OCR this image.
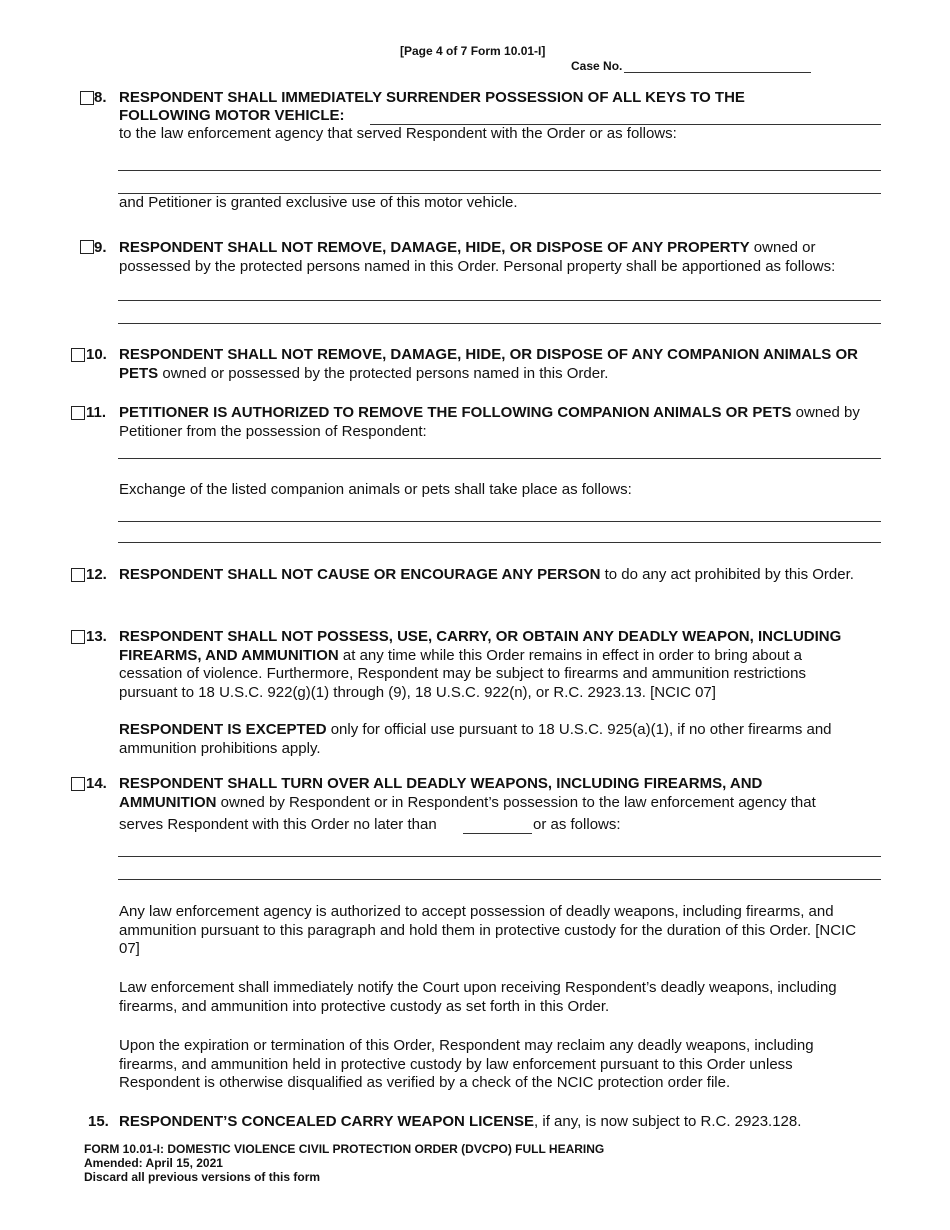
[Page 4 of 7 Form 10.01-I]
Case No.
8. RESPONDENT SHALL IMMEDIATELY SURRENDER POSSESSION OF ALL KEYS TO THE
FOLLOWING MOTOR VEHICLE:
to the law enforcement agency that served Respondent with the Order or as follows:
and Petitioner is granted exclusive use of this motor vehicle.
9. RESPONDENT SHALL NOT REMOVE, DAMAGE, HIDE, OR DISPOSE OF ANY PROPERTY owned or possessed by the protected persons named in this Order. Personal property shall be apportioned as follows:
10. RESPONDENT SHALL NOT REMOVE, DAMAGE, HIDE, OR DISPOSE OF ANY COMPANION ANIMALS OR PETS owned or possessed by the protected persons named in this Order.
11. PETITIONER IS AUTHORIZED TO REMOVE THE FOLLOWING COMPANION ANIMALS OR PETS owned by Petitioner from the possession of Respondent:
Exchange of the listed companion animals or pets shall take place as follows:
12. RESPONDENT SHALL NOT CAUSE OR ENCOURAGE ANY PERSON to do any act prohibited by this Order.
13. RESPONDENT SHALL NOT POSSESS, USE, CARRY, OR OBTAIN ANY DEADLY WEAPON, INCLUDING FIREARMS, AND AMMUNITION at any time while this Order remains in effect in order to bring about a cessation of violence. Furthermore, Respondent may be subject to firearms and ammunition restrictions pursuant to 18 U.S.C. 922(g)(1) through (9), 18 U.S.C. 922(n), or R.C. 2923.13. [NCIC 07]
RESPONDENT IS EXCEPTED only for official use pursuant to 18 U.S.C. 925(a)(1), if no other firearms and ammunition prohibitions apply.
14. RESPONDENT SHALL TURN OVER ALL DEADLY WEAPONS, INCLUDING FIREARMS, AND AMMUNITION owned by Respondent or in Respondent’s possession to the law enforcement agency that
serves Respondent with this Order no later than	or as follows:
Any law enforcement agency is authorized to accept possession of deadly weapons, including firearms, and ammunition pursuant to this paragraph and hold them in protective custody for the duration of this Order. [NCIC 07]
Law enforcement shall immediately notify the Court upon receiving Respondent’s deadly weapons, including firearms, and ammunition into protective custody as set forth in this Order.
Upon the expiration or termination of this Order, Respondent may reclaim any deadly weapons, including firearms, and ammunition held in protective custody by law enforcement pursuant to this Order unless Respondent is otherwise disqualified as verified by a check of the NCIC protection order file.
15. RESPONDENT’S CONCEALED CARRY WEAPON LICENSE, if any, is now subject to R.C. 2923.128.
FORM 10.01-I: DOMESTIC VIOLENCE CIVIL PROTECTION ORDER (DVCPO) FULL HEARING
Amended: April 15, 2021
Discard all previous versions of this form
